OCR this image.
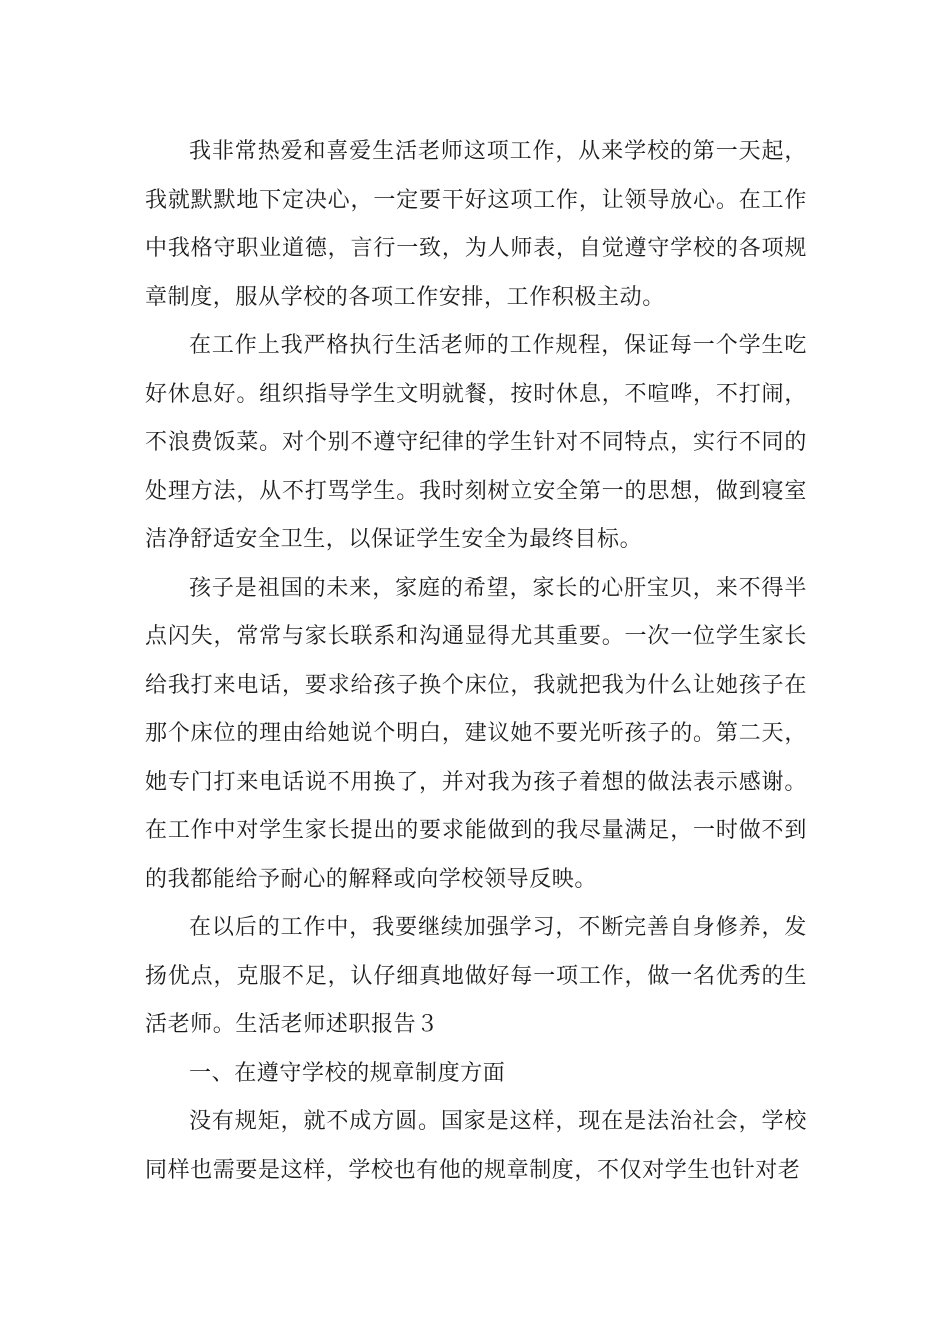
我非常热爱和喜爱生活老师这项工作，从来学校的第一天起，我就默默地下定决心，一定要干好这项工作，让领导放心。在工作中我格守职业道德，言行一致，为人师表，自觉遵守学校的各项规章制度，服从学校的各项工作安排，工作积极主动。

在工作上我严格执行生活老师的工作规程，保证每一个学生吃好休息好。组织指导学生文明就餐，按时休息，不喧哗，不打闹，不浪费饭菜。对个别不遵守纪律的学生针对不同特点，实行不同的处理方法，从不打骂学生。我时刻树立安全第一的思想，做到寝室洁净舒适安全卫生，以保证学生安全为最终目标。

孩子是祖国的未来，家庭的希望，家长的心肝宝贝，来不得半点闪失，常常与家长联系和沟通显得尤其重要。一次一位学生家长给我打来电话，要求给孩子换个床位，我就把我为什么让她孩子在那个床位的理由给她说个明白，建议她不要光听孩子的。第二天，她专门打来电话说不用换了，并对我为孩子着想的做法表示感谢。在工作中对学生家长提出的要求能做到的我尽量满足，一时做不到的我都能给予耐心的解释或向学校领导反映。

在以后的工作中，我要继续加强学习，不断完善自身修养，发扬优点，克服不足，认仔细真地做好每一项工作，做一名优秀的生活老师。生活老师述职报告３

一、在遵守学校的规章制度方面

没有规矩，就不成方圆。国家是这样，现在是法治社会，学校同样也需要是这样，学校也有他的规章制度，不仅对学生也针对老
